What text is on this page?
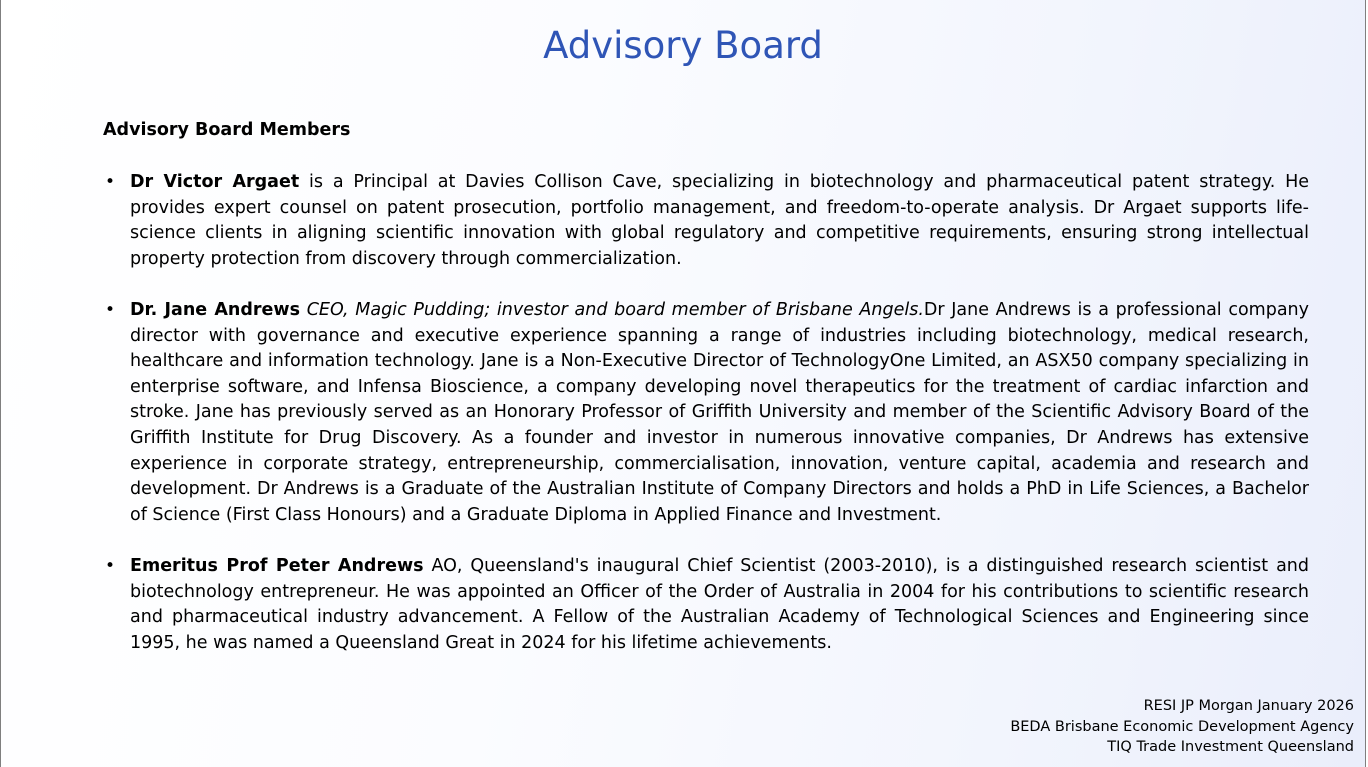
Advisory Board
Advisory Board Members
• Dr Victor Argaet is a Principal at Davies Collison Cave, specializing in biotechnology and pharmaceutical patent strategy. He provides expert counsel on patent prosecution, portfolio management, and freedom-to-operate analysis. Dr Argaet supports life-science clients in aligning scientific innovation with global regulatory and competitive requirements, ensuring strong intellectual property protection from discovery through commercialization.
• Dr. Jane Andrews CEO, Magic Pudding; investor and board member of Brisbane Angels.Dr Jane Andrews is a professional company director with governance and executive experience spanning a range of industries including biotechnology, medical research, healthcare and information technology. Jane is a Non-Executive Director of TechnologyOne Limited, an ASX50 company specializing in enterprise software, and Infensa Bioscience, a company developing novel therapeutics for the treatment of cardiac infarction and stroke. Jane has previously served as an Honorary Professor of Griffith University and member of the Scientific Advisory Board of the Griffith Institute for Drug Discovery. As a founder and investor in numerous innovative companies, Dr Andrews has extensive experience in corporate strategy, entrepreneurship, commercialisation, innovation, venture capital, academia and research and development. Dr Andrews is a Graduate of the Australian Institute of Company Directors and holds a PhD in Life Sciences, a Bachelor of Science (First Class Honours) and a Graduate Diploma in Applied Finance and Investment.
• Emeritus Prof Peter Andrews AO, Queensland's inaugural Chief Scientist (2003-2010), is a distinguished research scientist and biotechnology entrepreneur. He was appointed an Officer of the Order of Australia in 2004 for his contributions to scientific research and pharmaceutical industry advancement. A Fellow of the Australian Academy of Technological Sciences and Engineering since 1995, he was named a Queensland Great in 2024 for his lifetime achievements.
RESI JP Morgan January 2026
BEDA Brisbane Economic Development Agency
TIQ Trade Investment Queensland
